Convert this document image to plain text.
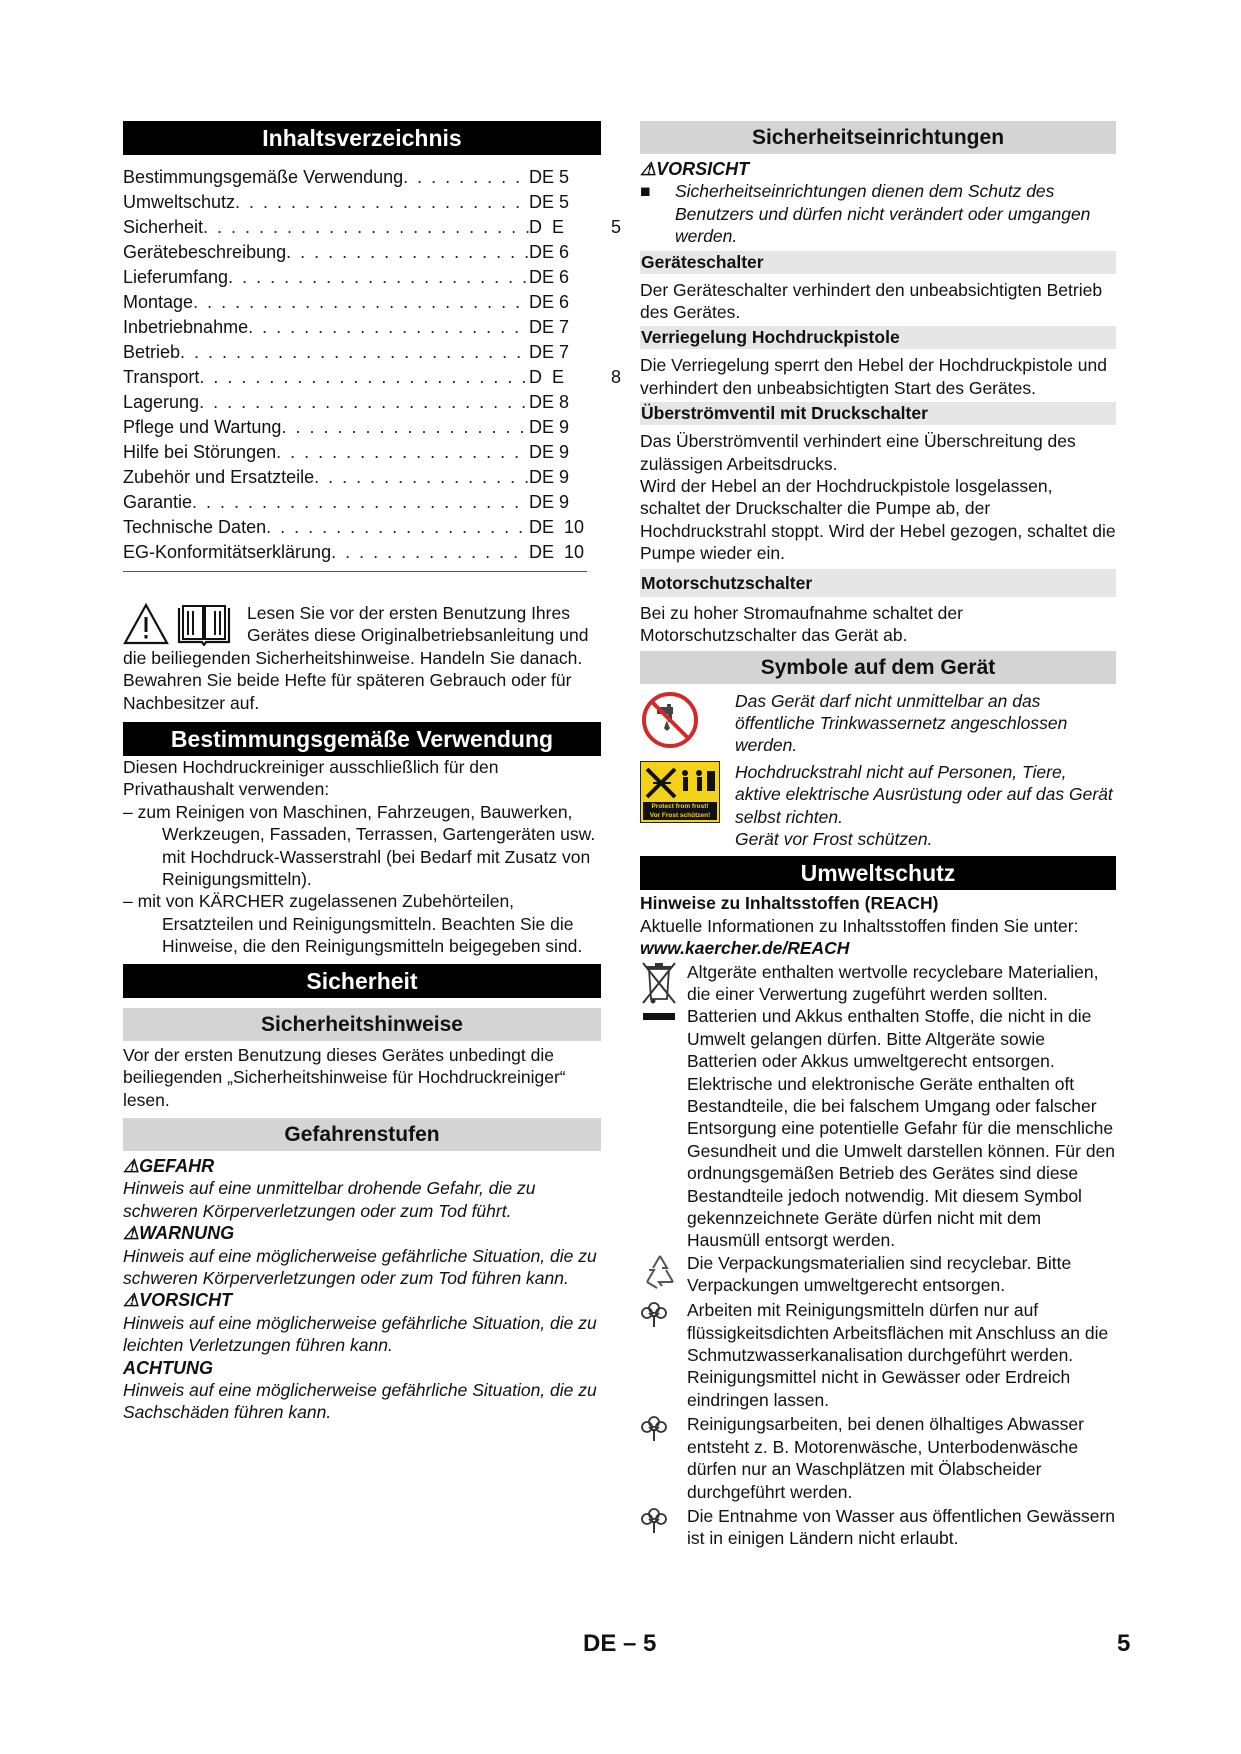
Inhaltsverzeichnis
Bestimmungsgemäße Verwendung . . .	DE 5
Umweltschutz . . .	DE 5
Sicherheit . . .	D  E	5
Gerätebeschreibung . . .	DE 6
Lieferumfang . . .	DE 6
Montage . . .	DE 6
Inbetriebnahme . . .	DE 7
Betrieb . . .	DE 7
Transport . . .	D  E	8
Lagerung . . .	DE 8
Pflege und Wartung . . .	DE 9
Hilfe bei Störungen . . .	DE 9
Zubehör und Ersatzteile . . .	DE 9
Garantie . . .	DE 9
Technische Daten . . .	DE  10
EG-Konformitätserklärung . . .	DE  10

Lesen Sie vor der ersten Benutzung Ihres Gerätes diese Originalbetriebsanleitung und die beiliegenden Sicherheitshinweise. Handeln Sie danach. Bewahren Sie beide Hefte für späteren Gebrauch oder für Nachbesitzer auf.

Bestimmungsgemäße Verwendung

Diesen Hochdruckreiniger ausschließlich für den Privathaushalt verwenden:

– zum Reinigen von Maschinen, Fahrzeugen, Bauwerken, Werkzeugen, Fassaden, Terrassen, Gartengeräten usw. mit Hochdruck-Wasserstrahl (bei Bedarf mit Zusatz von Reinigungsmitteln).

– mit von KÄRCHER zugelassenen Zubehörteilen, Ersatzteilen und Reinigungsmitteln. Beachten Sie die Hinweise, die den Reinigungsmitteln beigegeben sind.

Sicherheit
Sicherheitshinweise

Vor der ersten Benutzung dieses Gerätes unbedingt die beiliegenden „Sicherheitshinweise für Hochdruckreiniger“ lesen.

Gefahrenstufen

⚠GEFAHR

Hinweis auf eine unmittelbar drohende Gefahr, die zu schweren Körperverletzungen oder zum Tod führt.

⚠WARNUNG

Hinweis auf eine möglicherweise gefährliche Situation, die zu schweren Körperverletzungen oder zum Tod führen kann.

⚠VORSICHT

Hinweis auf eine möglicherweise gefährliche Situation, die zu leichten Verletzungen führen kann.

ACHTUNG

Hinweis auf eine möglicherweise gefährliche Situation, die zu Sachschäden führen kann.

Sicherheitseinrichtungen

⚠VORSICHT

■	Sicherheitseinrichtungen dienen dem Schutz des Benutzers und dürfen nicht verändert oder umgangen werden.

Geräteschalter

Der Geräteschalter verhindert den unbeabsichtigten Betrieb des Gerätes.

Verriegelung Hochdruckpistole

Die Verriegelung sperrt den Hebel der Hochdruckpistole und verhindert den unbeabsichtigten Start des Gerätes.

Überströmventil mit Druckschalter

Das Überströmventil verhindert eine Überschreitung des zulässigen Arbeitsdrucks.

Wird der Hebel an der Hochdruckpistole losgelassen, schaltet der Druckschalter die Pumpe ab, der Hochdruckstrahl stoppt. Wird der Hebel gezogen, schaltet die Pumpe wieder ein.

Motorschutzschalter

Bei zu hoher Stromaufnahme schaltet der Motorschutzschalter das Gerät ab.

Symbole auf dem Gerät

Das Gerät darf nicht unmittelbar an das öffentliche Trinkwassernetz angeschlossen werden.

Protect from frost!
Vor Frost schützen!

Hochdruckstrahl nicht auf Personen, Tiere, aktive elektrische Ausrüstung oder auf das Gerät selbst richten.

Gerät vor Frost schützen.

Umweltschutz

Hinweise zu Inhaltsstoffen (REACH)

Aktuelle Informationen zu Inhaltsstoffen finden Sie unter:

www.kaercher.de/REACH

Altgeräte enthalten wertvolle recyclebare Materialien, die einer Verwertung zugeführt werden sollten. Batterien und Akkus enthalten Stoffe, die nicht in die Umwelt gelangen dürfen. Bitte Altgeräte sowie Batterien oder Akkus umweltgerecht entsorgen.

Elektrische und elektronische Geräte enthalten oft Bestandteile, die bei falschem Umgang oder falscher Entsorgung eine potentielle Gefahr für die menschliche Gesundheit und die Umwelt darstellen können. Für den ordnungsgemäßen Betrieb des Gerätes sind diese Bestandteile jedoch notwendig. Mit diesem Symbol gekennzeichnete Geräte dürfen nicht mit dem Hausmüll entsorgt werden.

Die Verpackungsmaterialien sind recyclebar. Bitte Verpackungen umweltgerecht entsorgen.

Arbeiten mit Reinigungsmitteln dürfen nur auf flüssigkeitsdichten Arbeitsflächen mit Anschluss an die Schmutzwasserkanalisation durchgeführt werden. Reinigungsmittel nicht in Gewässer oder Erdreich eindringen lassen.

Reinigungsarbeiten, bei denen ölhaltiges Abwasser entsteht z. B. Motorenwäsche, Unterbodenwäsche dürfen nur an Waschplätzen mit Ölabscheider durchgeführt werden.

Die Entnahme von Wasser aus öffentlichen Gewässern ist in einigen Ländern nicht erlaubt.

DE – 5	5
